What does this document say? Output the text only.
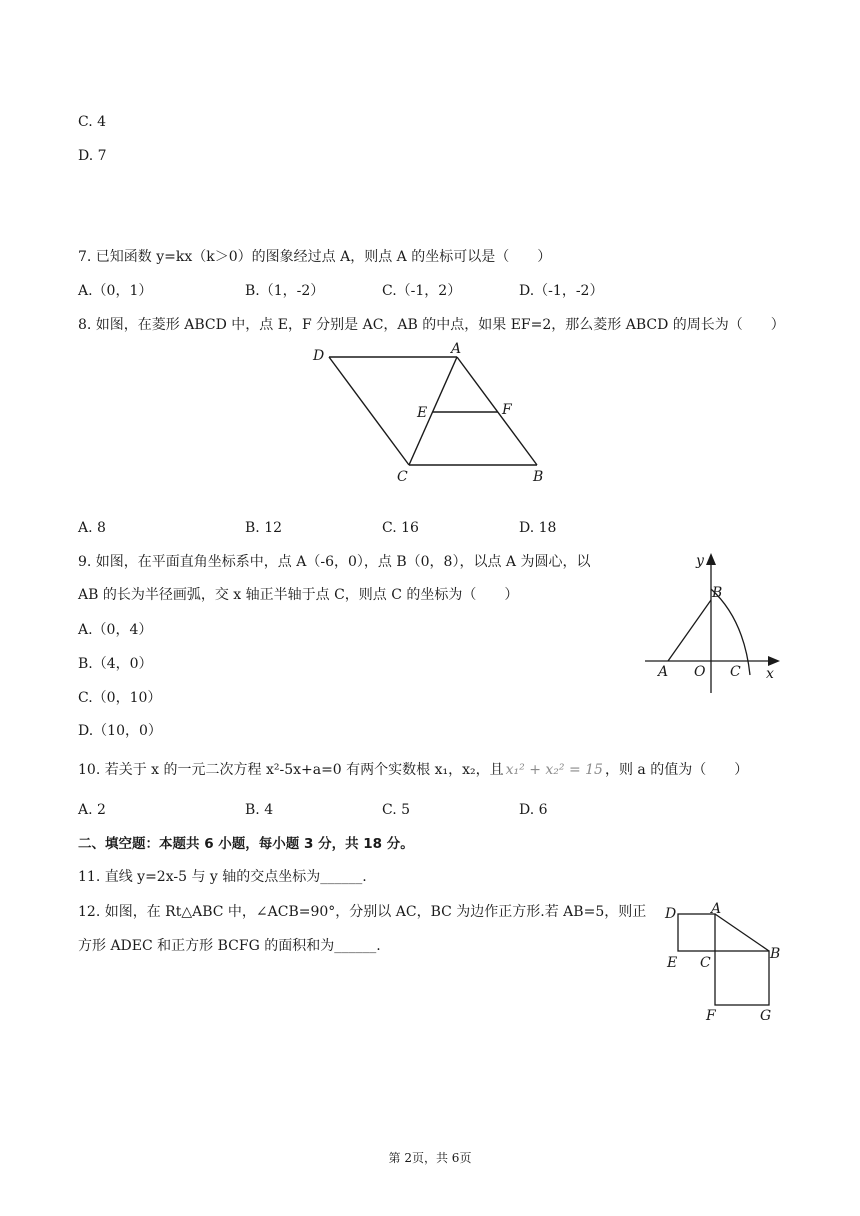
C. 4
D. 7
7. 已知函数 y=kx（k＞0）的图象经过点 A，则点 A 的坐标可以是（　　）
A.（0，1）	B.（1，-2）	C.（-1，2）	D.（-1，-2）
8. 如图，在菱形 ABCD 中，点 E，F 分别是 AC，AB 的中点，如果 EF=2，那么菱形 ABCD 的周长为（　　）
D	A
E	F
C	B
A. 8	B. 12	C. 16	D. 18
9. 如图，在平面直角坐标系中，点 A（-6，0），点 B（0，8），以点 A 为圆心，以
AB 的长为半径画弧，交 x 轴正半轴于点 C，则点 C 的坐标为（　　）
A.（0，4）
B.（4，0）
C.（0，10）
D.（10，0）
y
B
A O C x
10. 若关于 x 的一元二次方程 x²-5x+a=0 有两个实数根 x₁，x₂，且 x₁² + x₂² = 15 ，则 a 的值为（　　）
A. 2	B. 4	C. 5	D. 6
二、填空题：本题共 6 小题，每小题 3 分，共 18 分。
11. 直线 y=2x-5 与 y 轴的交点坐标为______.
12. 如图，在 Rt△ABC 中，∠ACB=90°，分别以 AC，BC 为边作正方形.若 AB=5，则正
方形 ADEC 和正方形 BCFG 的面积和为______.
D A
E C
B
F	G
第 2页，共 6页
